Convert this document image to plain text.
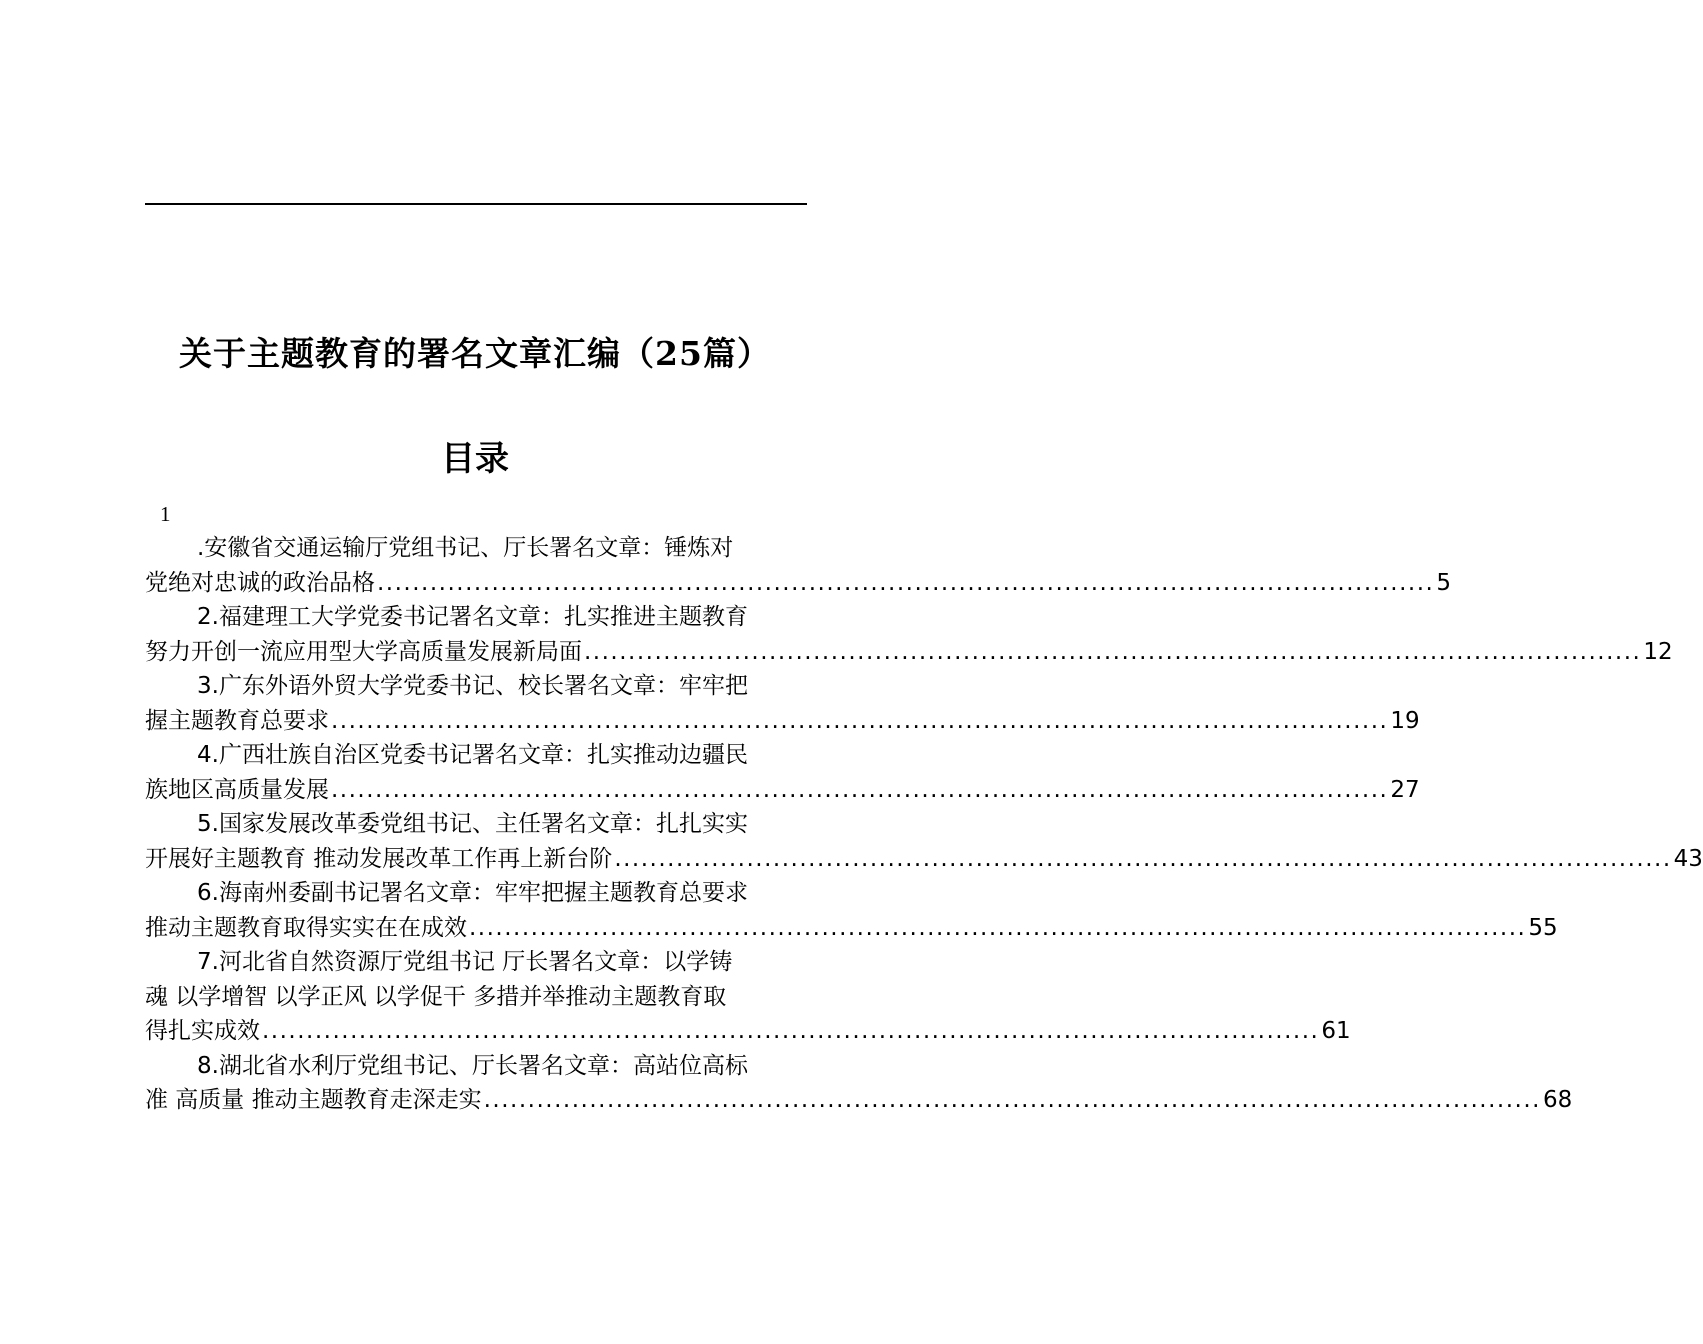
关于主题教育的署名文章汇编（25篇）
目录
1
.安徽省交通运输厅党组书记、厅长署名文章：锤炼对
党绝对忠诚的政治品格 ........................................................................................................................ 5
2.福建理工大学党委书记署名文章：扎实推进主题教育
努力开创一流应用型大学高质量发展新局面 ........................................................................................................................ 12
3.广东外语外贸大学党委书记、校长署名文章：牢牢把
握主题教育总要求 ........................................................................................................................ 19
4.广西壮族自治区党委书记署名文章：扎实推动边疆民
族地区高质量发展 ........................................................................................................................ 27
5.国家发展改革委党组书记、主任署名文章：扎扎实实
开展好主题教育 推动发展改革工作再上新台阶 ........................................................................................................................ 43
6.海南州委副书记署名文章：牢牢把握主题教育总要求
推动主题教育取得实实在在成效 ........................................................................................................................ 55
7.河北省自然资源厅党组书记 厅长署名文章：以学铸
魂 以学增智 以学正风 以学促干 多措并举推动主题教育取
得扎实成效 ........................................................................................................................ 61
8.湖北省水利厅党组书记、厅长署名文章：高站位高标
准 高质量 推动主题教育走深走实 ........................................................................................................................ 68
